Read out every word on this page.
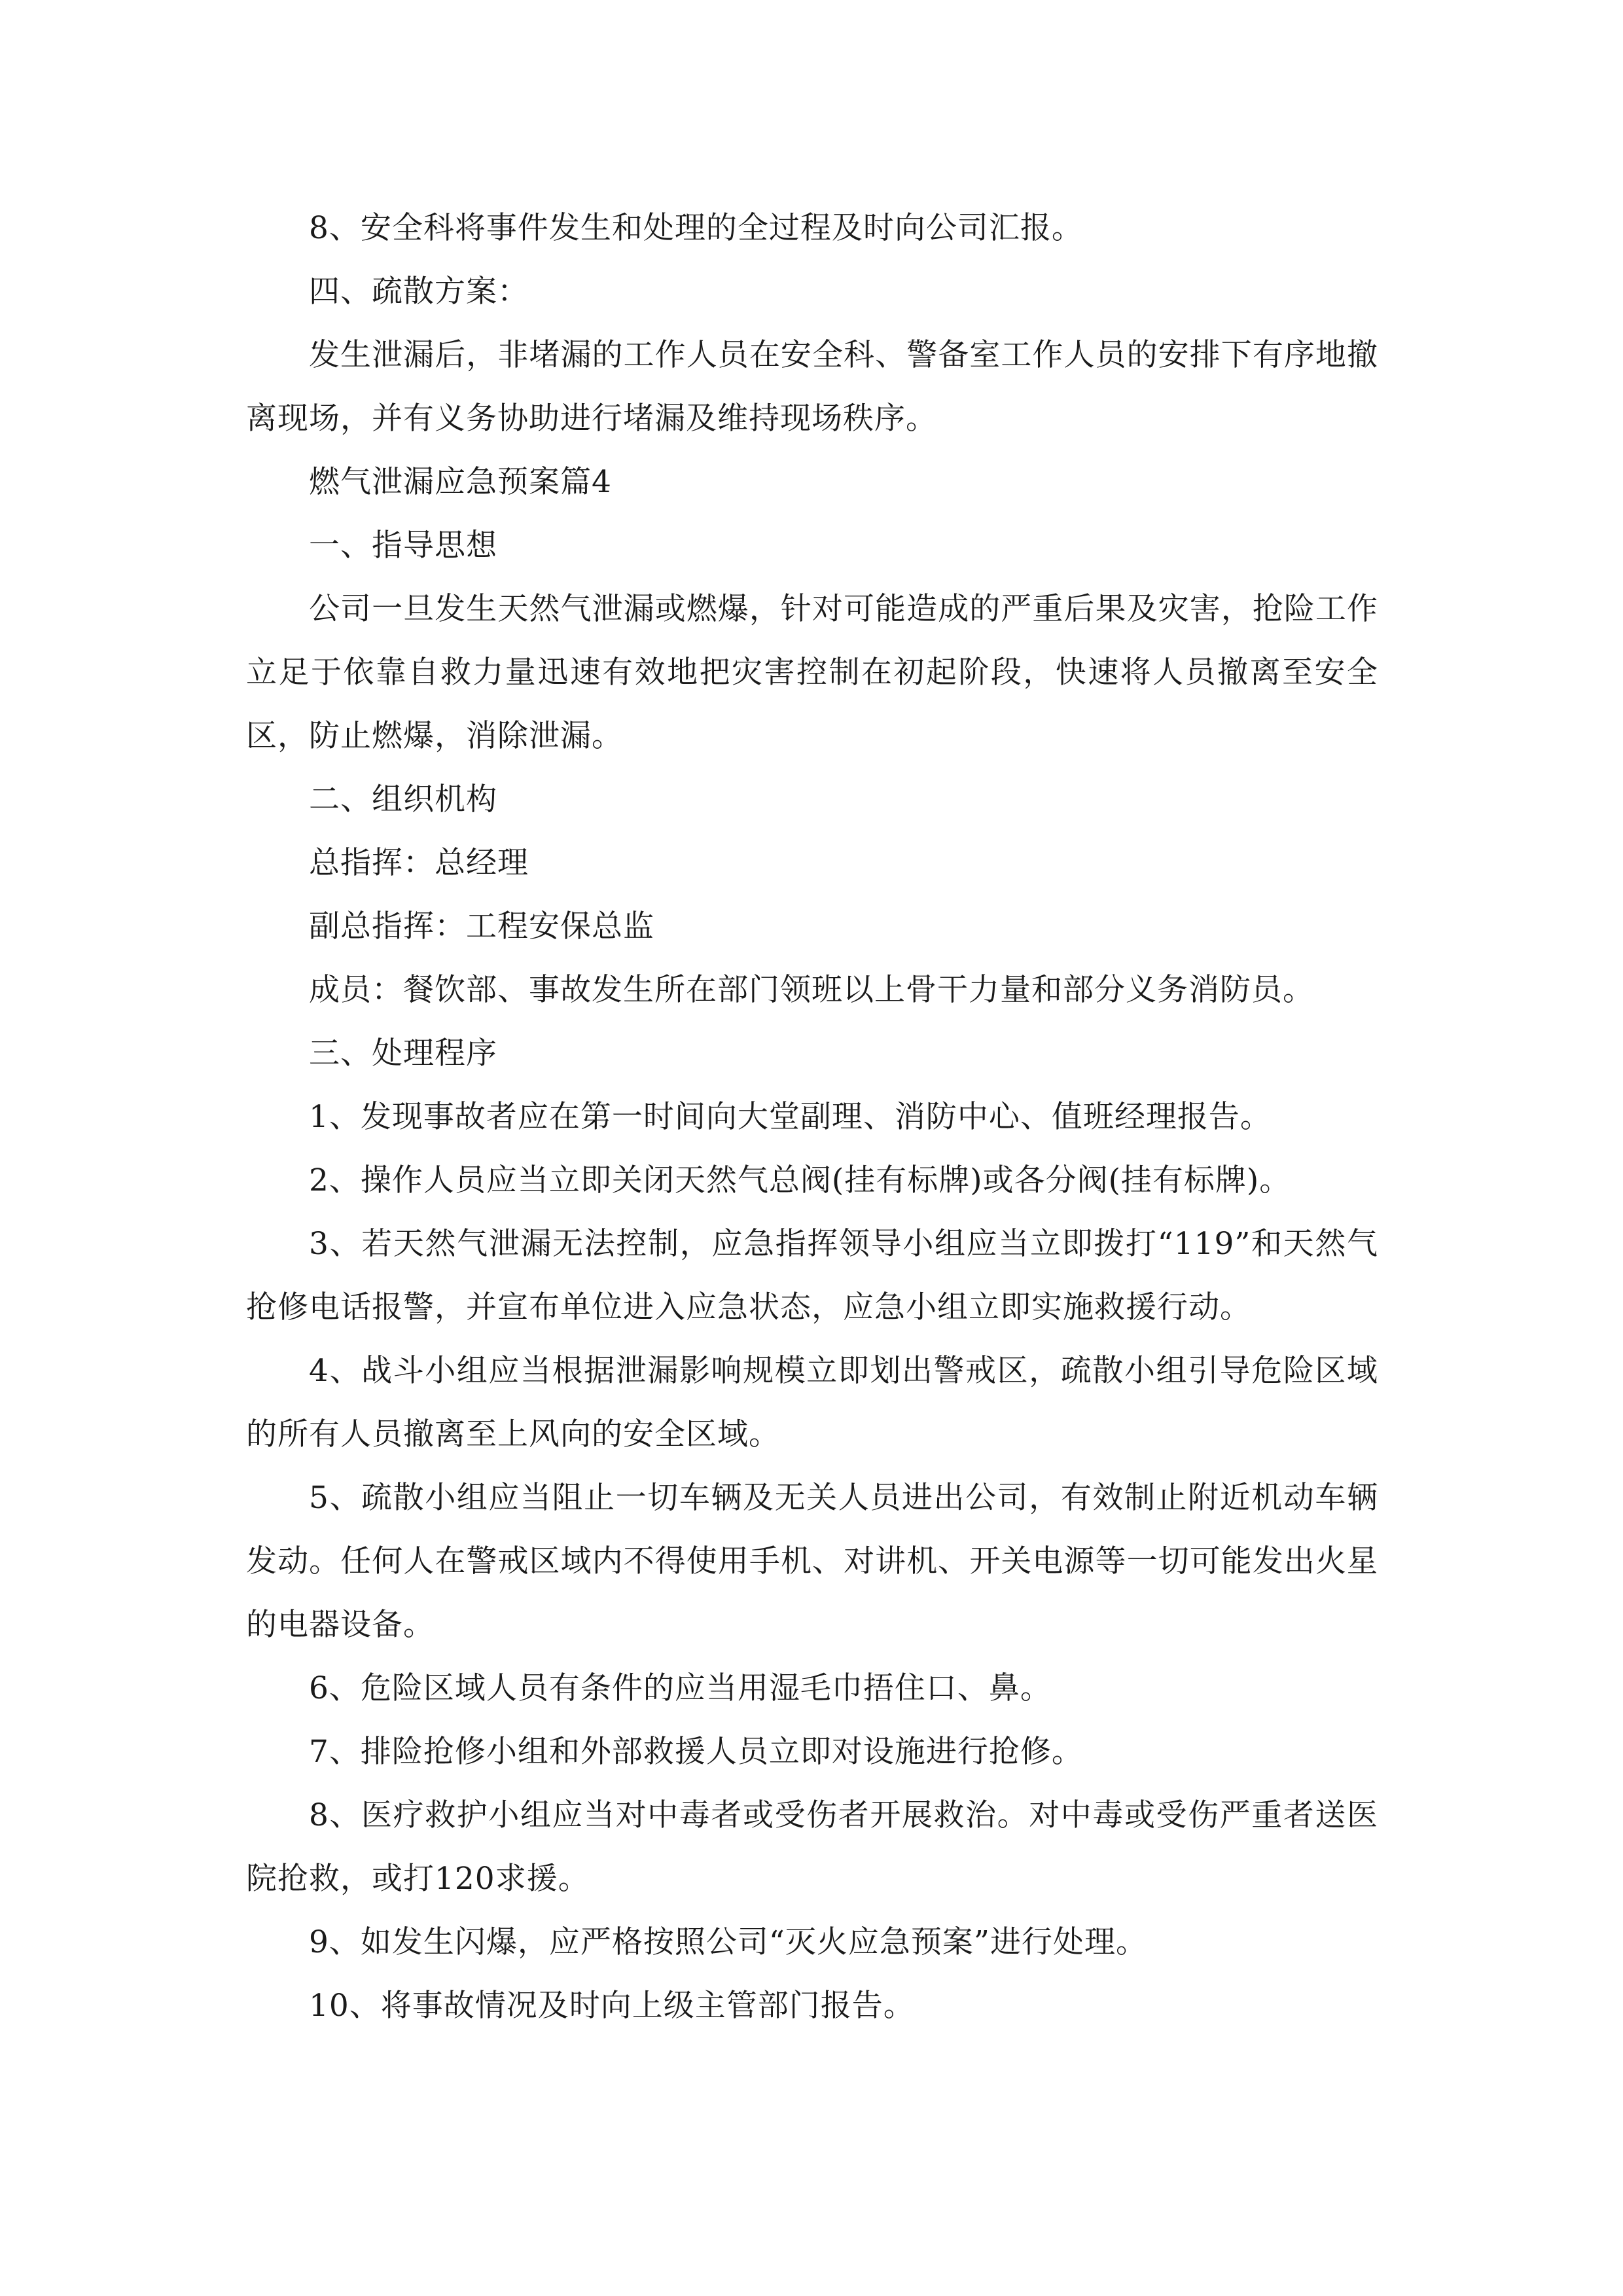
8、安全科将事件发生和处理的全过程及时向公司汇报。

四、疏散方案：

发生泄漏后，非堵漏的工作人员在安全科、警备室工作人员的安排下有序地撤离现场，并有义务协助进行堵漏及维持现场秩序。

燃气泄漏应急预案篇4

一、指导思想

公司一旦发生天然气泄漏或燃爆，针对可能造成的严重后果及灾害，抢险工作立足于依靠自救力量迅速有效地把灾害控制在初起阶段，快速将人员撤离至安全区，防止燃爆，消除泄漏。

二、组织机构

总指挥：总经理

副总指挥：工程安保总监

成员：餐饮部、事故发生所在部门领班以上骨干力量和部分义务消防员。

三、处理程序

1、发现事故者应在第一时间向大堂副理、消防中心、值班经理报告。

2、操作人员应当立即关闭天然气总阀(挂有标牌)或各分阀(挂有标牌)。

3、若天然气泄漏无法控制，应急指挥领导小组应当立即拨打“119”和天然气抢修电话报警，并宣布单位进入应急状态，应急小组立即实施救援行动。

4、战斗小组应当根据泄漏影响规模立即划出警戒区，疏散小组引导危险区域的所有人员撤离至上风向的安全区域。

5、疏散小组应当阻止一切车辆及无关人员进出公司，有效制止附近机动车辆发动。任何人在警戒区域内不得使用手机、对讲机、开关电源等一切可能发出火星的电器设备。

6、危险区域人员有条件的应当用湿毛巾捂住口、鼻。

7、排险抢修小组和外部救援人员立即对设施进行抢修。

8、医疗救护小组应当对中毒者或受伤者开展救治。对中毒或受伤严重者送医院抢救，或打120求援。

9、如发生闪爆，应严格按照公司“灭火应急预案”进行处理。

10、将事故情况及时向上级主管部门报告。
